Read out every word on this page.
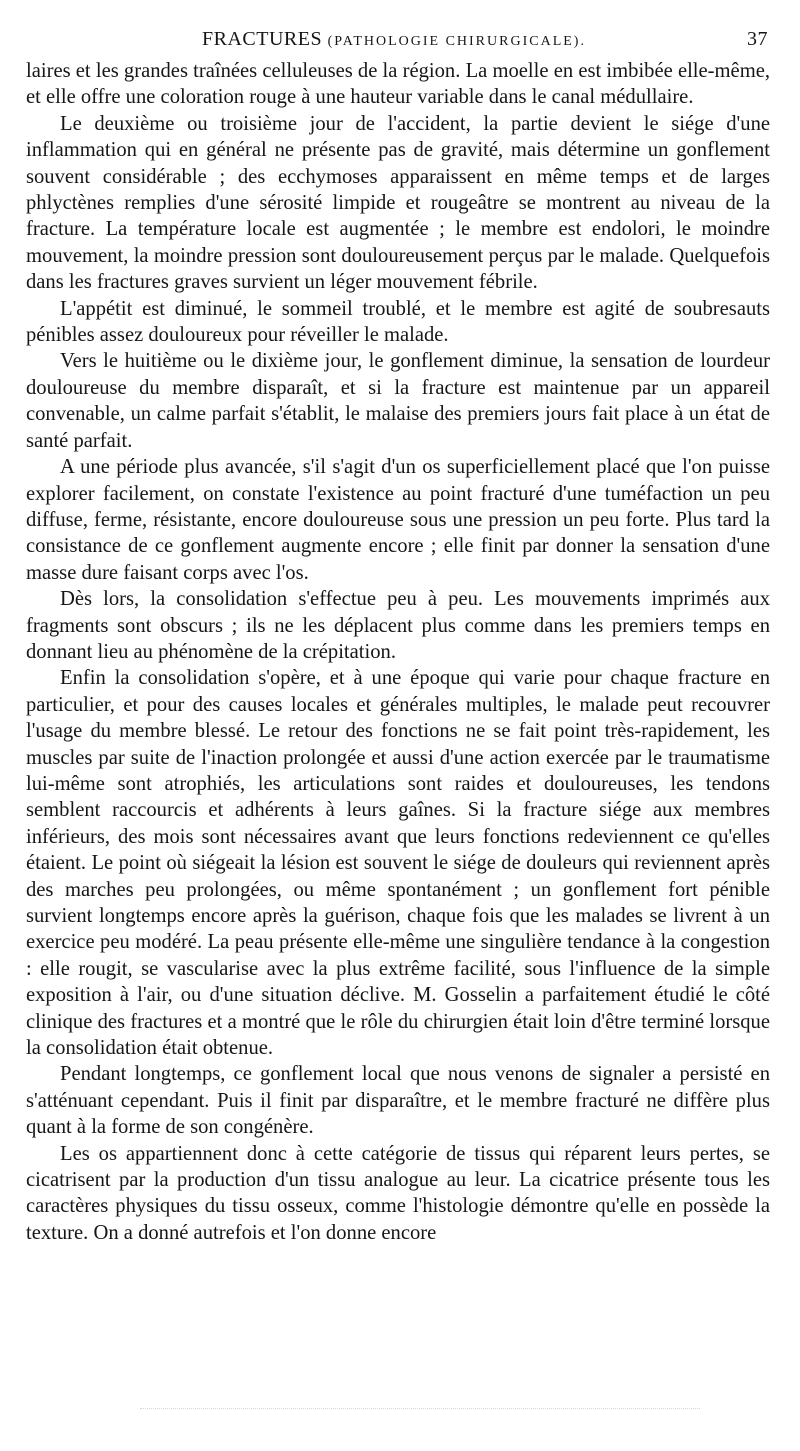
FRACTURES (PATHOLOGIE CHIRURGICALE).	37

laires et les grandes traînées celluleuses de la région. La moelle en est imbibée elle-même, et elle offre une coloration rouge à une hauteur variable dans le canal médullaire.

Le deuxième ou troisième jour de l'accident, la partie devient le siége d'une inflammation qui en général ne présente pas de gravité, mais détermine un gonflement souvent considérable ; des ecchymoses apparaissent en même temps et de larges phlyctènes remplies d'une sérosité limpide et rougeâtre se montrent au niveau de la fracture. La température locale est augmentée ; le membre est endolori, le moindre mouvement, la moindre pression sont douloureusement perçus par le malade. Quelquefois dans les fractures graves survient un léger mouvement fébrile.

L'appétit est diminué, le sommeil troublé, et le membre est agité de soubresauts pénibles assez douloureux pour réveiller le malade.

Vers le huitième ou le dixième jour, le gonflement diminue, la sensation de lourdeur douloureuse du membre disparaît, et si la fracture est maintenue par un appareil convenable, un calme parfait s'établit, le malaise des premiers jours fait place à un état de santé parfait.

A une période plus avancée, s'il s'agit d'un os superficiellement placé que l'on puisse explorer facilement, on constate l'existence au point fracturé d'une tuméfaction un peu diffuse, ferme, résistante, encore douloureuse sous une pression un peu forte. Plus tard la consistance de ce gonflement augmente encore ; elle finit par donner la sensation d'une masse dure faisant corps avec l'os.

Dès lors, la consolidation s'effectue peu à peu. Les mouvements imprimés aux fragments sont obscurs ; ils ne les déplacent plus comme dans les premiers temps en donnant lieu au phénomène de la crépitation.

Enfin la consolidation s'opère, et à une époque qui varie pour chaque fracture en particulier, et pour des causes locales et générales multiples, le malade peut recouvrer l'usage du membre blessé. Le retour des fonctions ne se fait point très-rapidement, les muscles par suite de l'inaction prolongée et aussi d'une action exercée par le traumatisme lui-même sont atrophiés, les articulations sont raides et douloureuses, les tendons semblent raccourcis et adhérents à leurs gaînes. Si la fracture siége aux membres inférieurs, des mois sont nécessaires avant que leurs fonctions redeviennent ce qu'elles étaient. Le point où siégeait la lésion est souvent le siége de douleurs qui reviennent après des marches peu prolongées, ou même spontanément ; un gonflement fort pénible survient longtemps encore après la guérison, chaque fois que les malades se livrent à un exercice peu modéré. La peau présente elle-même une singulière tendance à la congestion : elle rougit, se vascularise avec la plus extrême facilité, sous l'influence de la simple exposition à l'air, ou d'une situation déclive. M. Gosselin a parfaitement étudié le côté clinique des fractures et a montré que le rôle du chirurgien était loin d'être terminé lorsque la consolidation était obtenue.

Pendant longtemps, ce gonflement local que nous venons de signaler a persisté en s'atténuant cependant. Puis il finit par disparaître, et le membre fracturé ne diffère plus quant à la forme de son congénère.

Les os appartiennent donc à cette catégorie de tissus qui réparent leurs pertes, se cicatrisent par la production d'un tissu analogue au leur. La cicatrice présente tous les caractères physiques du tissu osseux, comme l'histologie démontre qu'elle en possède la texture. On a donné autrefois et l'on donne encore
